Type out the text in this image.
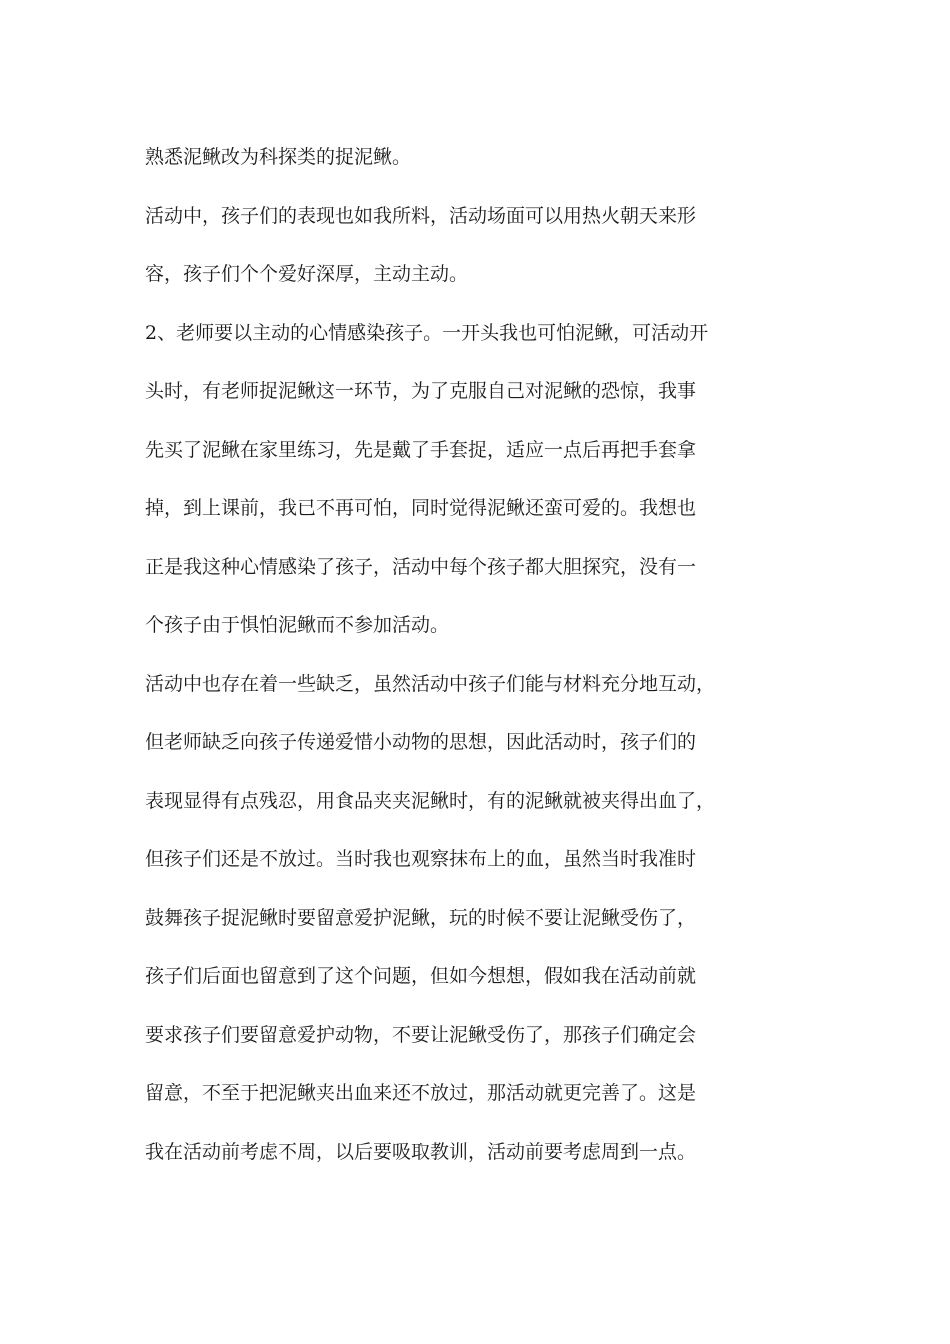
熟悉泥鳅改为科探类的捉泥鳅。
活动中，孩子们的表现也如我所料，活动场面可以用热火朝天来形
容，孩子们个个爱好深厚，主动主动。
2、老师要以主动的心情感染孩子。一开头我也可怕泥鳅，可活动开
头时，有老师捉泥鳅这一环节，为了克服自己对泥鳅的恐惊，我事
先买了泥鳅在家里练习，先是戴了手套捉，适应一点后再把手套拿
掉，到上课前，我已不再可怕，同时觉得泥鳅还蛮可爱的。我想也
正是我这种心情感染了孩子，活动中每个孩子都大胆探究，没有一
个孩子由于惧怕泥鳅而不参加活动。
活动中也存在着一些缺乏，虽然活动中孩子们能与材料充分地互动，
但老师缺乏向孩子传递爱惜小动物的思想，因此活动时，孩子们的
表现显得有点残忍，用食品夹夹泥鳅时，有的泥鳅就被夹得出血了，
但孩子们还是不放过。当时我也观察抹布上的血，虽然当时我准时
鼓舞孩子捉泥鳅时要留意爱护泥鳅，玩的时候不要让泥鳅受伤了，
孩子们后面也留意到了这个问题，但如今想想，假如我在活动前就
要求孩子们要留意爱护动物，不要让泥鳅受伤了，那孩子们确定会
留意，不至于把泥鳅夹出血来还不放过，那活动就更完善了。这是
我在活动前考虑不周，以后要吸取教训，活动前要考虑周到一点。
